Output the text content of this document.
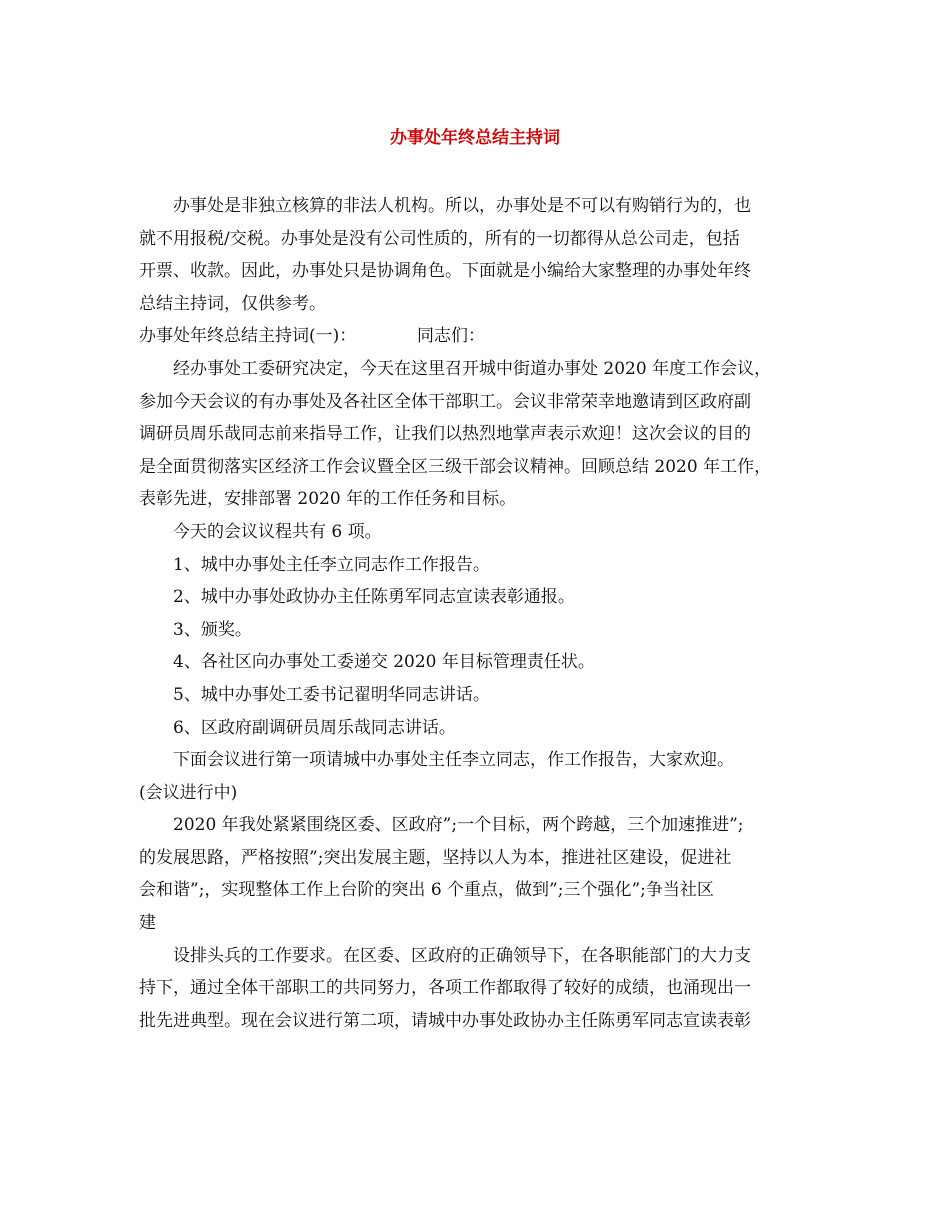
办事处年终总结主持词

办事处是非独立核算的非法人机构。所以，办事处是不可以有购销行为的，也

就不用报税/交税。办事处是没有公司性质的，所有的一切都得从总公司走，包括

开票、收款。因此，办事处只是协调角色。下面就是小编给大家整理的办事处年终

总结主持词，仅供参考。

办事处年终总结主持词(一)：	同志们：

经办事处工委研究决定，今天在这里召开城中街道办事处 2020 年度工作会议，

参加今天会议的有办事处及各社区全体干部职工。会议非常荣幸地邀请到区政府副

调研员周乐哉同志前来指导工作，让我们以热烈地掌声表示欢迎！这次会议的目的

是全面贯彻落实区经济工作会议暨全区三级干部会议精神。回顾总结 2020 年工作，

表彰先进，安排部署 2020 年的工作任务和目标。

今天的会议议程共有 6 项。

1、城中办事处主任李立同志作工作报告。

2、城中办事处政协办主任陈勇军同志宣读表彰通报。

3、颁奖。

4、各社区向办事处工委递交 2020 年目标管理责任状。

5、城中办事处工委书记翟明华同志讲话。

6、区政府副调研员周乐哉同志讲话。

下面会议进行第一项请城中办事处主任李立同志，作工作报告，大家欢迎。

(会议进行中)

2020 年我处紧紧围绕区委、区政府”;一个目标，两个跨越，三个加速推进”;

的发展思路，严格按照”;突出发展主题，坚持以人为本，推进社区建设，促进社

会和谐”;，实现整体工作上台阶的突出 6 个重点，做到”;三个强化”;争当社区

建

设排头兵的工作要求。在区委、区政府的正确领导下，在各职能部门的大力支

持下，通过全体干部职工的共同努力，各项工作都取得了较好的成绩，也涌现出一

批先进典型。现在会议进行第二项，请城中办事处政协办主任陈勇军同志宣读表彰
